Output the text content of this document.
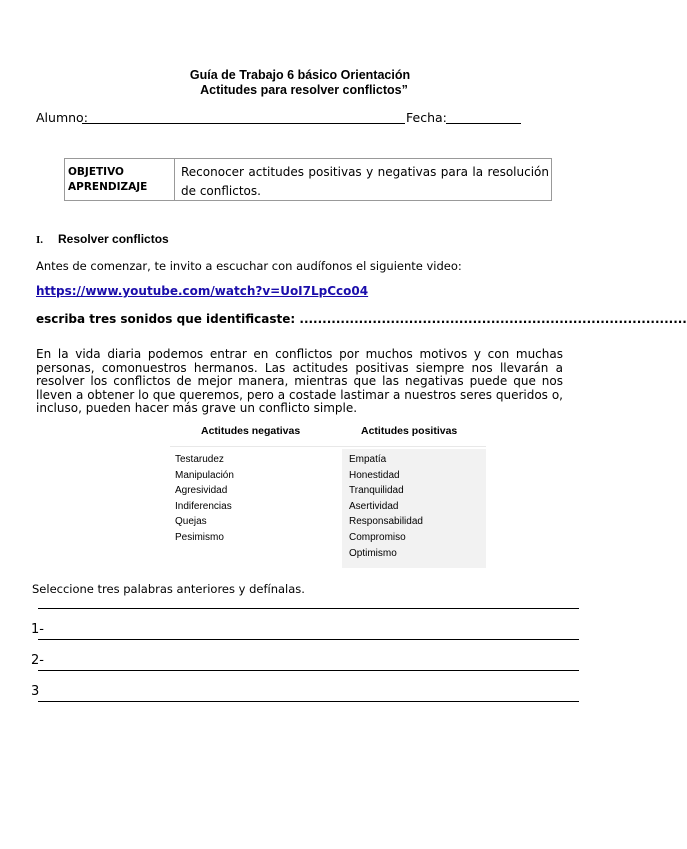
Guía de Trabajo 6 básico Orientación
Actitudes para resolver conflictos”
Alumno:	Fecha:
OBJETIVO
APRENDIZAJE
Reconocer actitudes positivas y negativas para la resolución de conflictos.
I. Resolver conflictos
Antes de comenzar, te invito a escuchar con audífonos el siguiente video:
https://www.youtube.com/watch?v=UoI7LpCco04
escriba tres sonidos que identificaste: .....................................................................................
En la vida diaria podemos entrar en conflictos por muchos motivos y con muchas personas, comonuestros hermanos. Las actitudes positivas siempre nos llevarán a resolver los conflictos de mejor manera, mientras que las negativas puede que nos lleven a obtener lo que queremos, pero a costade lastimar a nuestros seres queridos o, incluso, pueden hacer más grave un conflicto simple.
Actitudes negativas	Actitudes positivas
Testarudez
Manipulación
Agresividad
Indiferencias
Quejas
Pesimismo
Empatía
Honestidad
Tranquilidad
Asertividad
Responsabilidad
Compromiso
Optimismo
Seleccione tres palabras anteriores y defínalas.
1-
2-
3
